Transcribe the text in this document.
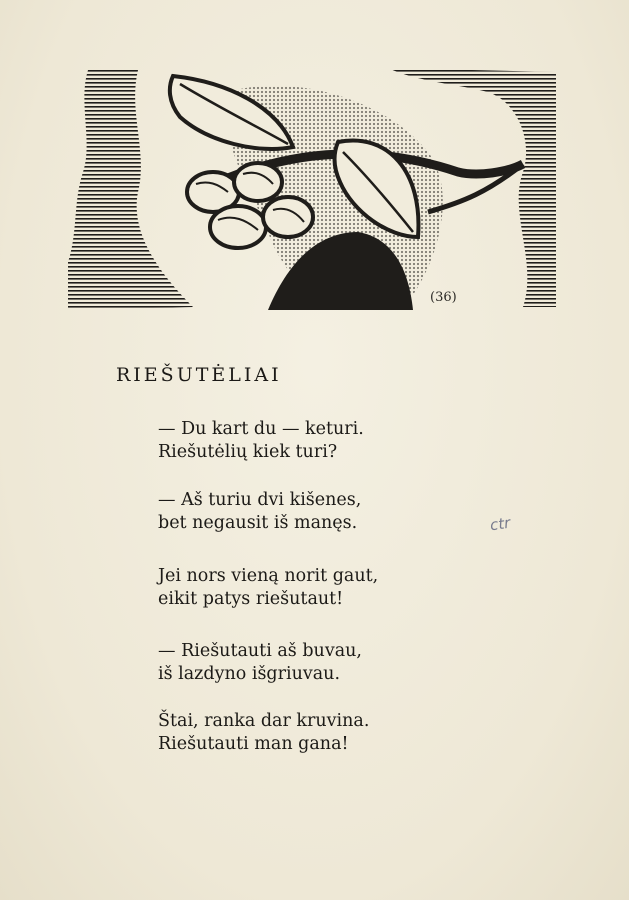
(36)
RIEŠUTĖLIAI

— Du kart du — keturi.

Riešutėlių kiek turi?

— Aš turiu dvi kišenes,

bet negausit iš manęs.

Jei nors vieną norit gaut,

eikit patys riešutaut!

— Riešutauti aš buvau,

iš lazdyno išgriuvau.

Štai, ranka dar kruvina.

Riešutauti man gana!

ctr
